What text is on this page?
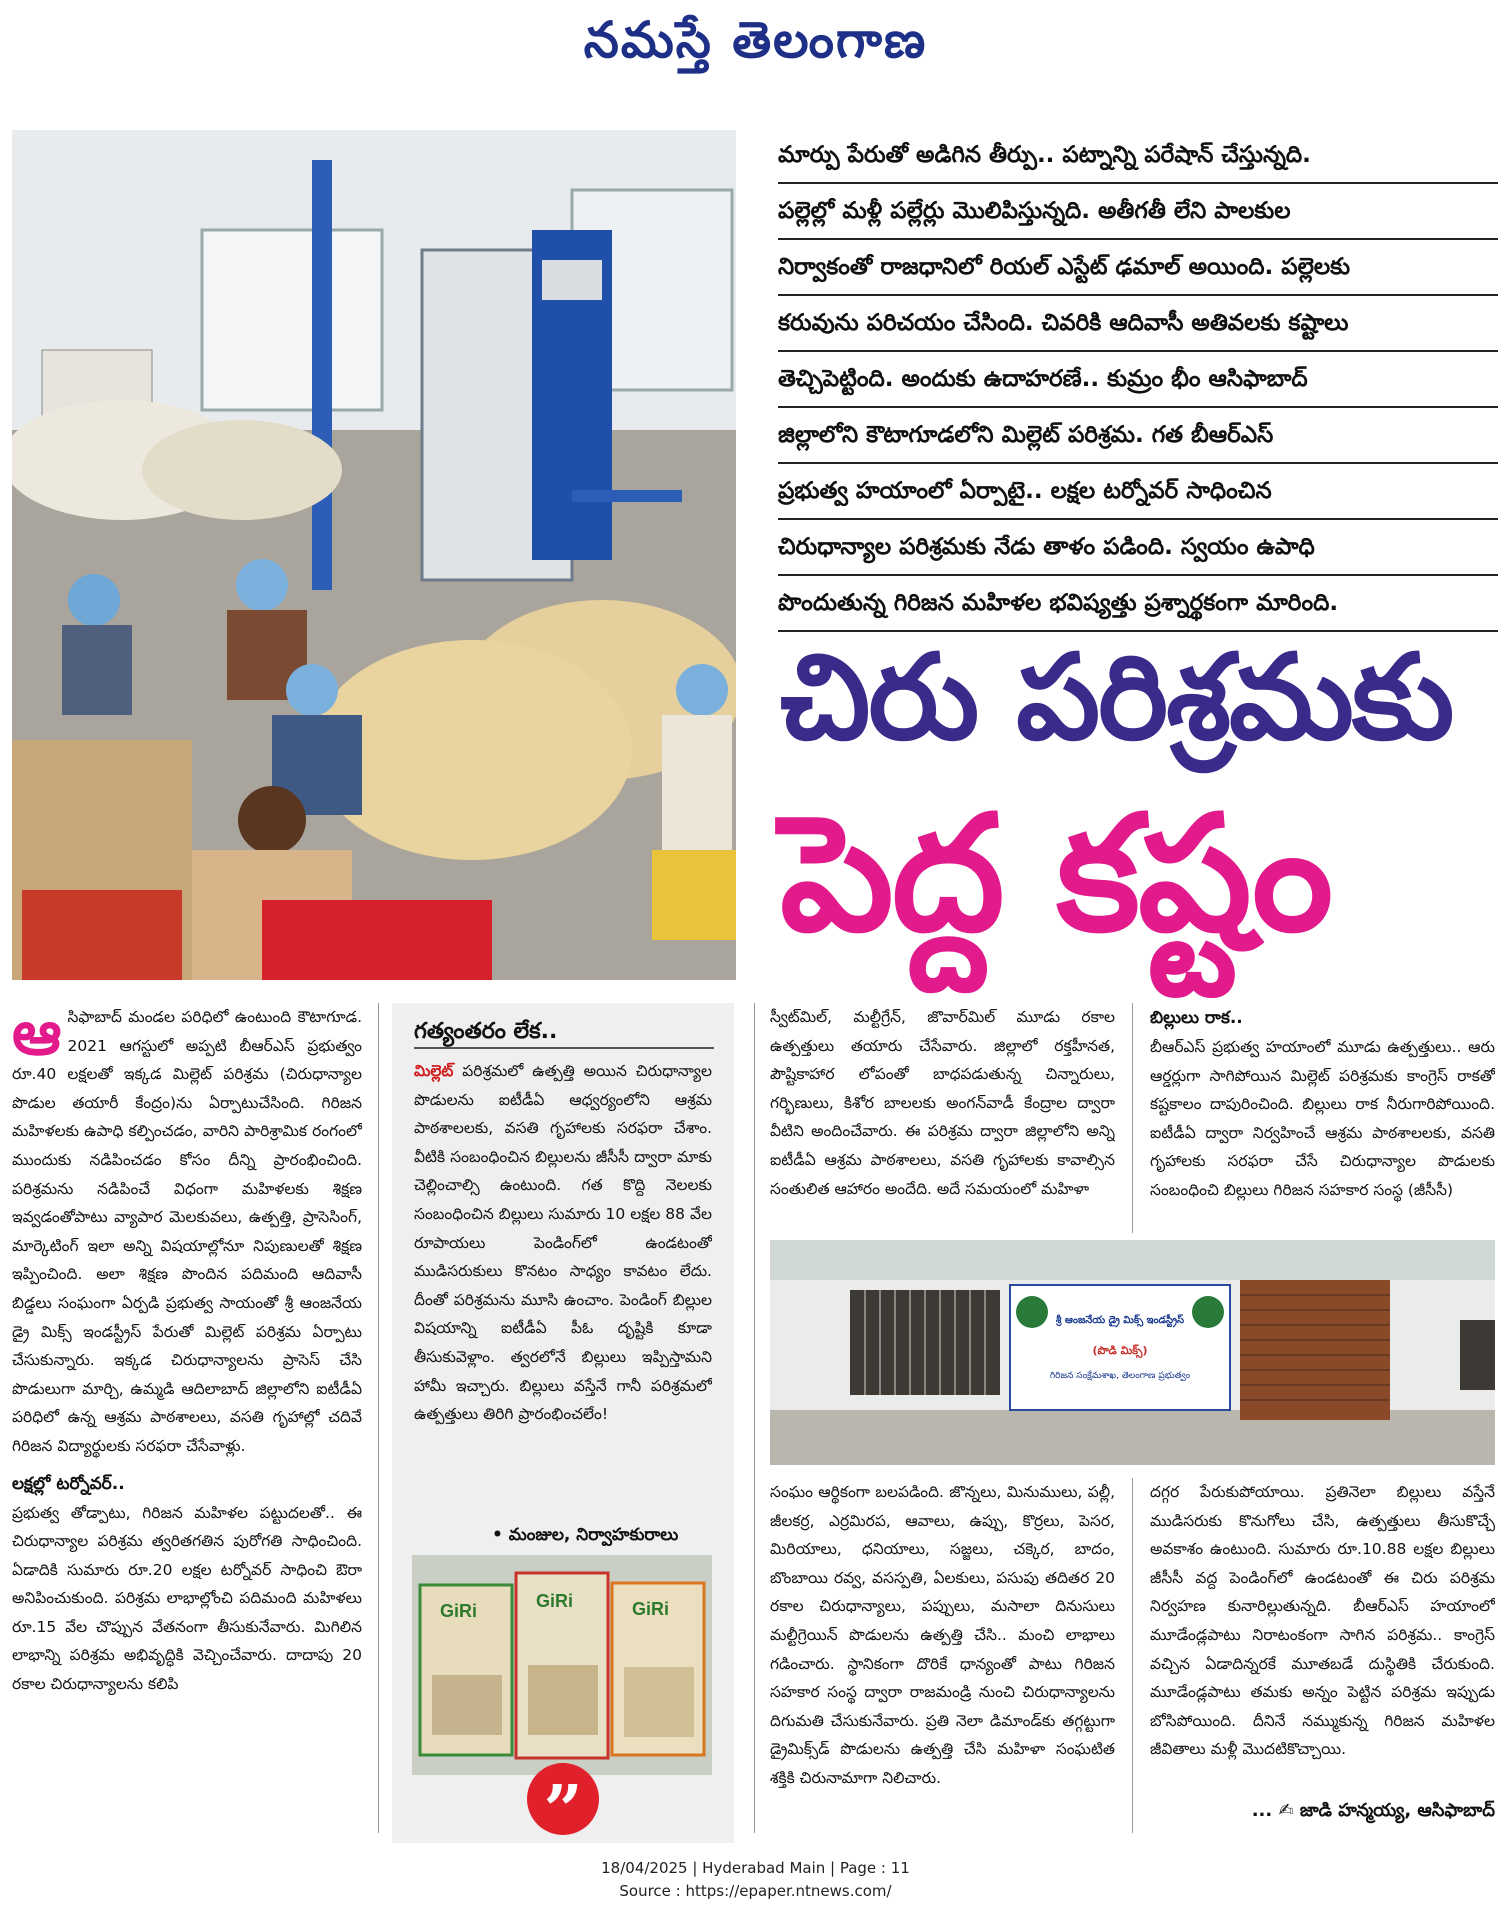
నమస్తే తెలంగాణ

మార్పు పేరుతో అడిగిన తీర్పు.. పట్నాన్ని పరేషాన్ చేస్తున్నది.

పల్లెల్లో మళ్లీ పల్లేర్లు మొలిపిస్తున్నది. అతీగతీ లేని పాలకుల

నిర్వాకంతో రాజధానిలో రియల్ ఎస్టేట్ ఢమాల్ అయింది. పల్లెలకు

కరువును పరిచయం చేసింది. చివరికి ఆదివాసీ అతివలకు కష్టాలు

తెచ్చిపెట్టింది. అందుకు ఉదాహరణే.. కుమ్రం భీం ఆసిఫాబాద్

జిల్లాలోని కౌటాగూడలోని మిల్లెట్ పరిశ్రమ. గత బీఆర్ఎస్

ప్రభుత్వ హయాంలో ఏర్పాటై.. లక్షల టర్నోవర్ సాధించిన

చిరుధాన్యాల పరిశ్రమకు నేడు తాళం పడింది. స్వయం ఉపాధి

పొందుతున్న గిరిజన మహిళల భవిష్యత్తు ప్రశ్నార్థకంగా మారింది.

చిరు పరిశ్రమకు
పెద్ద కష్టం
ఆ సిఫాబాద్ మండల పరిధిలో ఉంటుంది కౌటాగూడ. 2021 ఆగస్టులో అప్పటి బీఆర్ఎస్ ప్రభుత్వం రూ.40 లక్షలతో ఇక్కడ మిల్లెట్ పరిశ్రమ (చిరుధాన్యాల పొడుల తయారీ కేంద్రం)ను ఏర్పాటుచేసింది. గిరిజన మహిళలకు ఉపాధి కల్పించడం, వారిని పారిశ్రామిక రంగంలో ముందుకు నడిపించడం కోసం దీన్ని ప్రారంభించింది. పరిశ్రమను నడిపించే విధంగా మహిళలకు శిక్షణ ఇవ్వడంతోపాటు వ్యాపార మెలకువలు, ఉత్పత్తి, ప్రాసెసింగ్, మార్కెటింగ్ ఇలా అన్ని విషయాల్లోనూ నిపుణులతో శిక్షణ ఇప్పించింది. అలా శిక్షణ పొందిన పదిమంది ఆదివాసీ బిడ్డలు సంఘంగా ఏర్పడి ప్రభుత్వ సాయంతో శ్రీ ఆంజనేయ డ్రై మిక్స్ ఇండస్ట్రీస్ పేరుతో మిల్లెట్ పరిశ్రమ ఏర్పాటు చేసుకున్నారు. ఇక్కడ చిరుధాన్యాలను ప్రాసెస్ చేసి పొడులుగా మార్చి, ఉమ్మడి ఆదిలాబాద్ జిల్లాలోని ఐటీడీఏ పరిధిలో ఉన్న ఆశ్రమ పాఠశాలలు, వసతి గృహాల్లో చదివే గిరిజన విద్యార్థులకు సరఫరా చేసేవాళ్లు.

లక్షల్లో టర్నోవర్..

ప్రభుత్వ తోడ్పాటు, గిరిజన మహిళల పట్టుదలతో.. ఈ చిరుధాన్యాల పరిశ్రమ త్వరితగతిన పురోగతి సాధించింది. ఏడాదికి సుమారు రూ.20 లక్షల టర్నోవర్ సాధించి ఔరా అనిపించుకుంది. పరిశ్రమ లాభాల్లోంచి పదిమంది మహిళలు రూ.15 వేల చొప్పున వేతనంగా తీసుకునేవారు. మిగిలిన లాభాన్ని పరిశ్రమ అభివృద్ధికి వెచ్చించేవారు. దాదాపు 20 రకాల చిరుధాన్యాలను కలిపి

గత్యంతరం లేక..

మిల్లెట్ పరిశ్రమలో ఉత్పత్తి అయిన చిరుధాన్యాల పొడులను ఐటీడీఏ ఆధ్వర్యంలోని ఆశ్రమ పాఠశాలలకు, వసతి గృహాలకు సరఫరా చేశాం. వీటికి సంబంధించిన బిల్లులను జీసీసీ ద్వారా మాకు చెల్లించాల్సి ఉంటుంది. గత కొద్ది నెలలకు సంబంధించిన బిల్లులు సుమారు 10 లక్షల 88 వేల రూపాయలు పెండింగ్‌లో ఉండటంతో ముడిసరుకులు కొనటం సాధ్యం కావటం లేదు. దీంతో పరిశ్రమను మూసి ఉంచాం. పెండింగ్ బిల్లుల విషయాన్ని ఐటీడీఏ పీఓ దృష్టికి కూడా తీసుకువెళ్లాం. త్వరలోనే బిల్లులు ఇప్పిస్తామని హామీ ఇచ్చారు. బిల్లులు వస్తేనే గానీ పరిశ్రమలో ఉత్పత్తులు తిరిగి ప్రారంభించలేం!

• మంజుల, నిర్వాహకురాలు
GiRi	GiRi	GiRi
”

స్వీట్‌మిల్, మల్టీగ్రేన్, జొవార్‌మిల్ మూడు రకాల ఉత్పత్తులు తయారు చేసేవారు. జిల్లాలో రక్తహీనత, పౌష్టికాహార లోపంతో బాధపడుతున్న చిన్నారులు, గర్భిణులు, కిశోర బాలలకు అంగన్‌వాడీ కేంద్రాల ద్వారా వీటిని అందించేవారు. ఈ పరిశ్రమ ద్వారా జిల్లాలోని అన్ని ఐటీడీఏ ఆశ్రమ పాఠశాలలు, వసతి గృహాలకు కావాల్సిన సంతులిత ఆహారం అందేది. అదే సమయంలో మహిళా

బిల్లులు రాక..

బీఆర్ఎస్ ప్రభుత్వ హయాంలో మూడు ఉత్పత్తులు.. ఆరు ఆర్డర్లుగా సాగిపోయిన మిల్లెట్ పరిశ్రమకు కాంగ్రెస్ రాకతో కష్టకాలం దాపురించింది. బిల్లులు రాక నీరుగారిపోయింది. ఐటీడీఏ ద్వారా నిర్వహించే ఆశ్రమ పాఠశాలలకు, వసతి గృహాలకు సరఫరా చేసే చిరుధాన్యాల పొడులకు సంబంధించి బిల్లులు గిరిజన సహకార సంస్థ (జీసీసీ)

శ్రీ ఆంజనేయ డ్రై మిక్స్ ఇండస్ట్రీస్
(పొడి మిక్స్)
గిరిజన సంక్షేమశాఖ, తెలంగాణ ప్రభుత్వం

సంఘం ఆర్థికంగా బలపడింది. జొన్నలు, మినుములు, పల్లీ, జీలకర్ర, ఎర్రమిరప, ఆవాలు, ఉప్పు, కొర్రలు, పెసర, మిరియాలు, ధనియాలు, సజ్జలు, చక్కెర, బాదం, బొంబాయి రవ్వ, వసస్పతి, ఏలకులు, పసుపు తదితర 20 రకాల చిరుధాన్యాలు, పప్పులు, మసాలా దినుసులు మల్టీగ్రెయిన్ పొడులను ఉత్పత్తి చేసి.. మంచి లాభాలు గడించారు. స్థానికంగా దొరికే ధాన్యంతో పాటు గిరిజన సహకార సంస్థ ద్వారా రాజమండ్రి నుంచి చిరుధాన్యాలను దిగుమతి చేసుకునేవారు. ప్రతి నెలా డిమాండ్‌కు తగ్గట్టుగా డ్రైమిక్స్‌డ్ పొడులను ఉత్పత్తి చేసి మహిళా సంఘటిత శక్తికి చిరునామాగా నిలిచారు.

దగ్గర పేరుకుపోయాయి. ప్రతినెలా బిల్లులు వస్తేనే ముడిసరుకు కొనుగోలు చేసి, ఉత్పత్తులు తీసుకొచ్చే అవకాశం ఉంటుంది. సుమారు రూ.10.88 లక్షల బిల్లులు జీసీసీ వద్ద పెండింగ్‌లో ఉండటంతో ఈ చిరు పరిశ్రమ నిర్వహణ కునారిల్లుతున్నది. బీఆర్ఎస్ హయాంలో మూడేండ్లపాటు నిరాటంకంగా సాగిన పరిశ్రమ.. కాంగ్రెస్ వచ్చిన ఏడాదిన్నరకే మూతబడే దుస్థితికి చేరుకుంది. మూడేండ్లపాటు తమకు అన్నం పెట్టిన పరిశ్రమ ఇప్పుడు బోసిపోయింది. దీనినే నమ్ముకున్న గిరిజన మహిళల జీవితాలు మళ్లీ మొదటికొచ్చాయి.

... ✍ జాడి హన్మయ్య, ఆసిఫాబాద్
18/04/2025 | Hyderabad Main | Page : 11
Source : https://epaper.ntnews.com/
